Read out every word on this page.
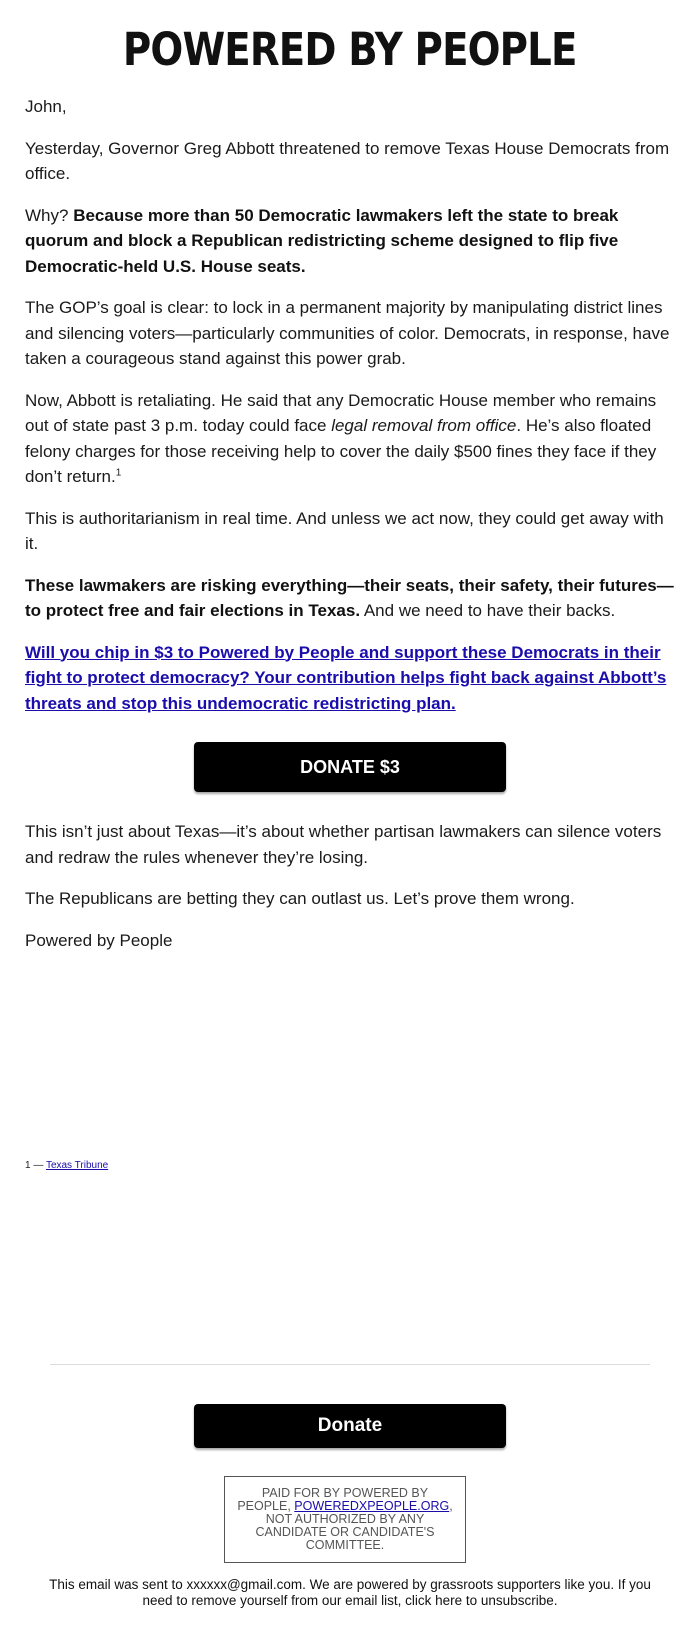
POWERED BY PEOPLE

John,

Yesterday, Governor Greg Abbott threatened to remove Texas House Democrats from office.

Why? Because more than 50 Democratic lawmakers left the state to break quorum and block a Republican redistricting scheme designed to flip five Democratic-held U.S. House seats.

The GOP’s goal is clear: to lock in a permanent majority by manipulating district lines and silencing voters—particularly communities of color. Democrats, in response, have taken a courageous stand against this power grab.

Now, Abbott is retaliating. He said that any Democratic House member who remains out of state past 3 p.m. today could face legal removal from office. He’s also floated felony charges for those receiving help to cover the daily $500 fines they face if they don’t return.$^1$

This is authoritarianism in real time. And unless we act now, they could get away with it.

These lawmakers are risking everything—their seats, their safety, their futures—to protect free and fair elections in Texas. And we need to have their backs.

Will you chip in $3 to Powered by People and support these Democrats in their fight to protect democracy? Your contribution helps fight back against Abbott’s threats and stop this undemocratic redistricting plan.

DONATE $3

This isn’t just about Texas—it’s about whether partisan lawmakers can silence voters and redraw the rules whenever they’re losing.

The Republicans are betting they can outlast us. Let’s prove them wrong.

Powered by People

1 — Texas Tribune
Donate
PAID FOR BY POWERED BY PEOPLE, POWEREDXPEOPLE.ORG, NOT AUTHORIZED BY ANY CANDIDATE OR CANDIDATE'S COMMITTEE.
This email was sent to xxxxxx@gmail.com. We are powered by grassroots supporters like you. If you need to remove yourself from our email list, click here to unsubscribe.
